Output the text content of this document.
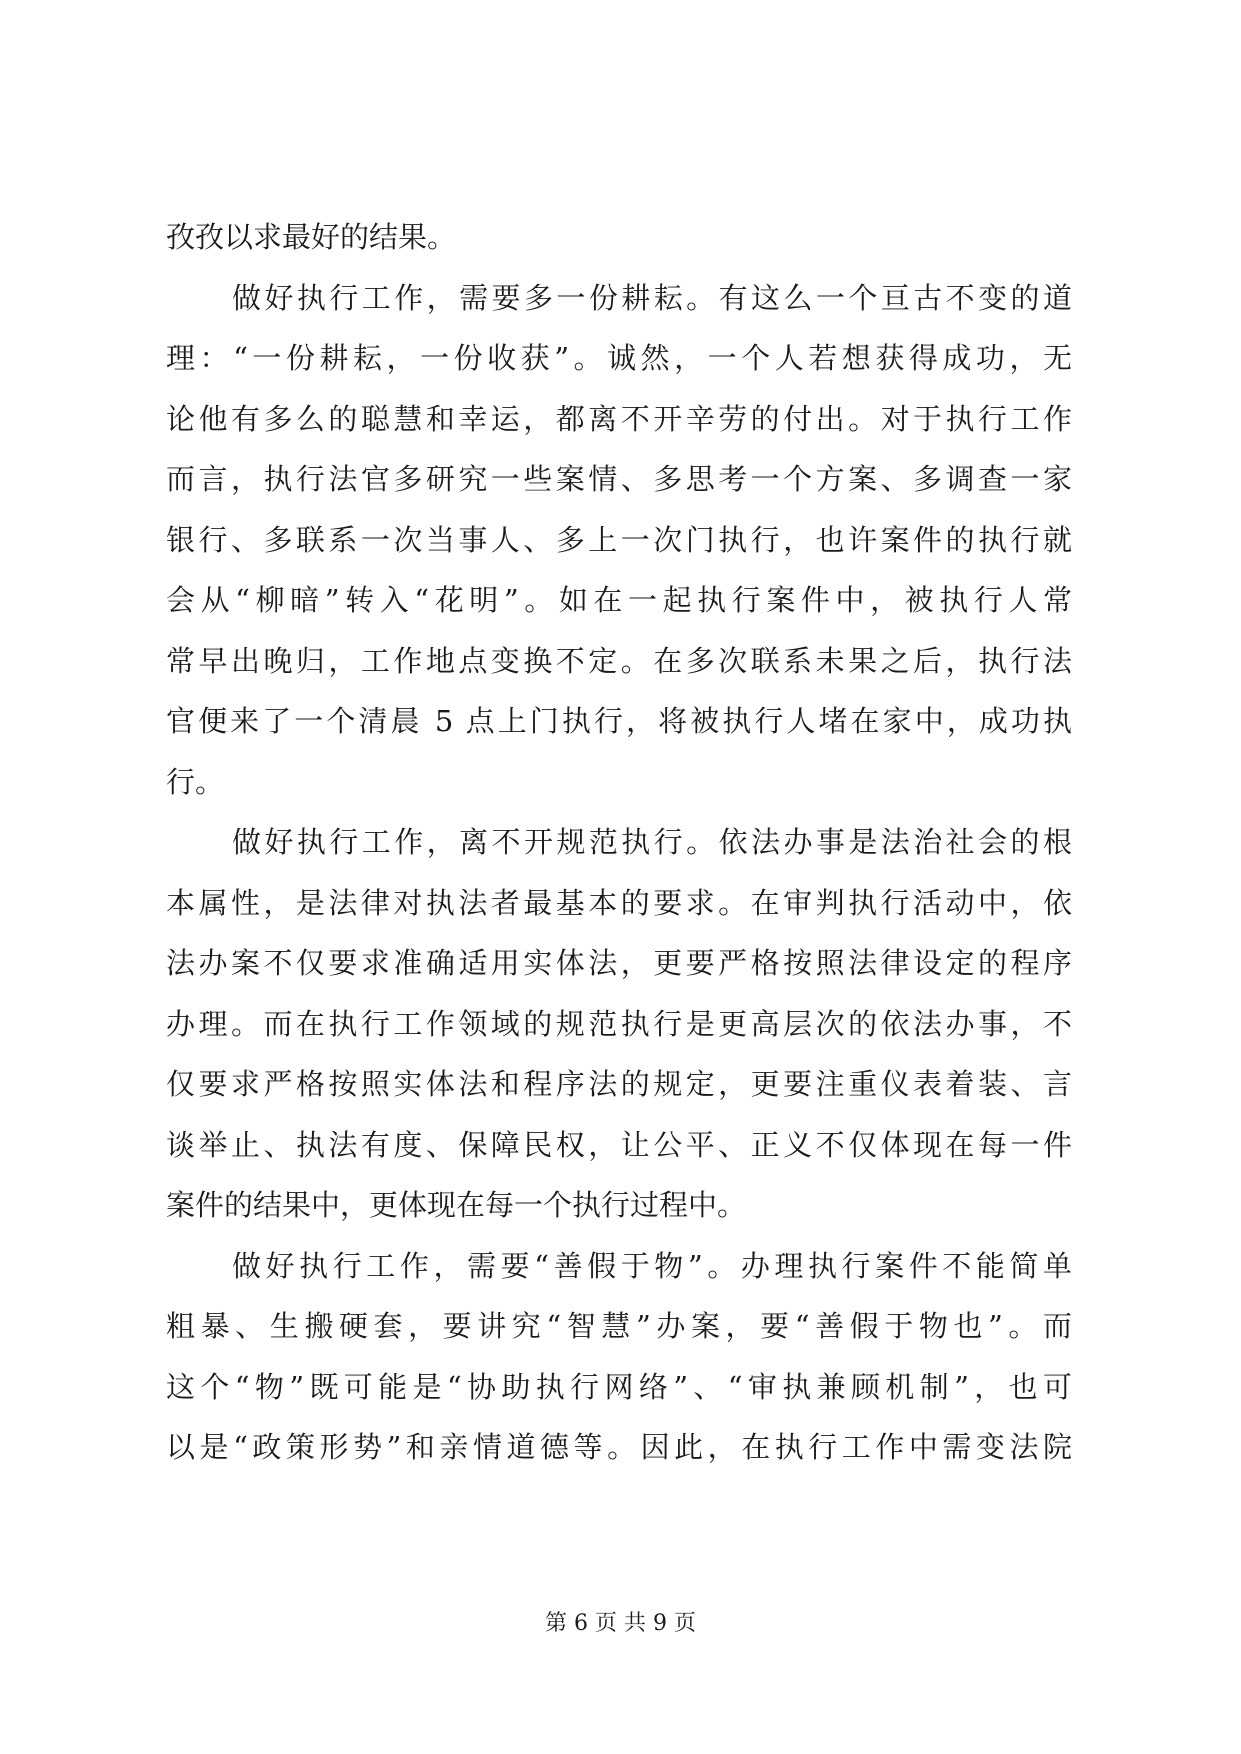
孜孜以求最好的结果。
做好执行工作，需要多一份耕耘。有这么一个亘古不变的道
理：“一份耕耘，一份收获”。诚然，一个人若想获得成功，无
论他有多么的聪慧和幸运，都离不开辛劳的付出。对于执行工作
而言，执行法官多研究一些案情、多思考一个方案、多调查一家
银行、多联系一次当事人、多上一次门执行，也许案件的执行就
会从“柳暗”转入“花明”。如在一起执行案件中，被执行人常
常早出晚归，工作地点变换不定。在多次联系未果之后，执行法
官便来了一个清晨 5 点上门执行，将被执行人堵在家中，成功执
行。
做好执行工作，离不开规范执行。依法办事是法治社会的根
本属性，是法律对执法者最基本的要求。在审判执行活动中，依
法办案不仅要求准确适用实体法，更要严格按照法律设定的程序
办理。而在执行工作领域的规范执行是更高层次的依法办事，不
仅要求严格按照实体法和程序法的规定，更要注重仪表着装、言
谈举止、执法有度、保障民权，让公平、正义不仅体现在每一件
案件的结果中，更体现在每一个执行过程中。
做好执行工作，需要“善假于物”。办理执行案件不能简单
粗暴、生搬硬套，要讲究“智慧”办案，要“善假于物也”。而
这个“物”既可能是“协助执行网络”、“审执兼顾机制”，也可
以是“政策形势”和亲情道德等。因此，在执行工作中需变法院
第 6 页 共 9 页
